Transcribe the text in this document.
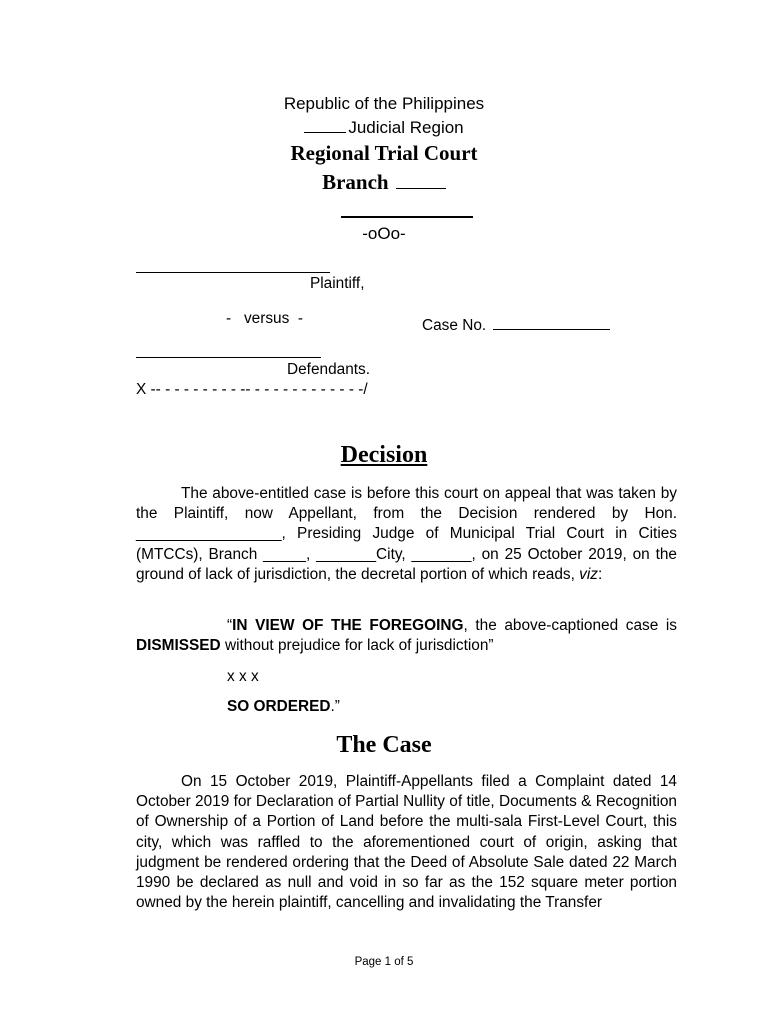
Republic of the Philippines
Judicial Region
Regional Trial Court
Branch
-oOo-
Plaintiff,
-   versus  -	Case No.
Defendants.
X -- - - - - - - - - -- - - - - - - - - - - - -/
Decision
The above-entitled case is before this court on appeal that was taken by the Plaintiff, now Appellant, from the Decision rendered by Hon. _________________, Presiding Judge of Municipal Trial Court in Cities (MTCCs), Branch _____, _______City, _______, on 25 October 2019, on the ground of lack of jurisdiction, the decretal portion of which reads, viz:
“IN VIEW OF THE FOREGOING, the above-captioned case is DISMISSED without prejudice for lack of jurisdiction”
x x x
SO ORDERED.”
The Case
On 15 October 2019, Plaintiff-Appellants filed a Complaint dated 14 October 2019 for Declaration of Partial Nullity of title, Documents & Recognition of Ownership of a Portion of Land before the multi-sala First-Level Court, this city, which was raffled to the aforementioned court of origin, asking that judgment be rendered ordering that the Deed of Absolute Sale dated 22 March 1990 be declared as null and void in so far as the 152 square meter portion owned by the herein plaintiff, cancelling and invalidating the Transfer
Page 1 of 5
